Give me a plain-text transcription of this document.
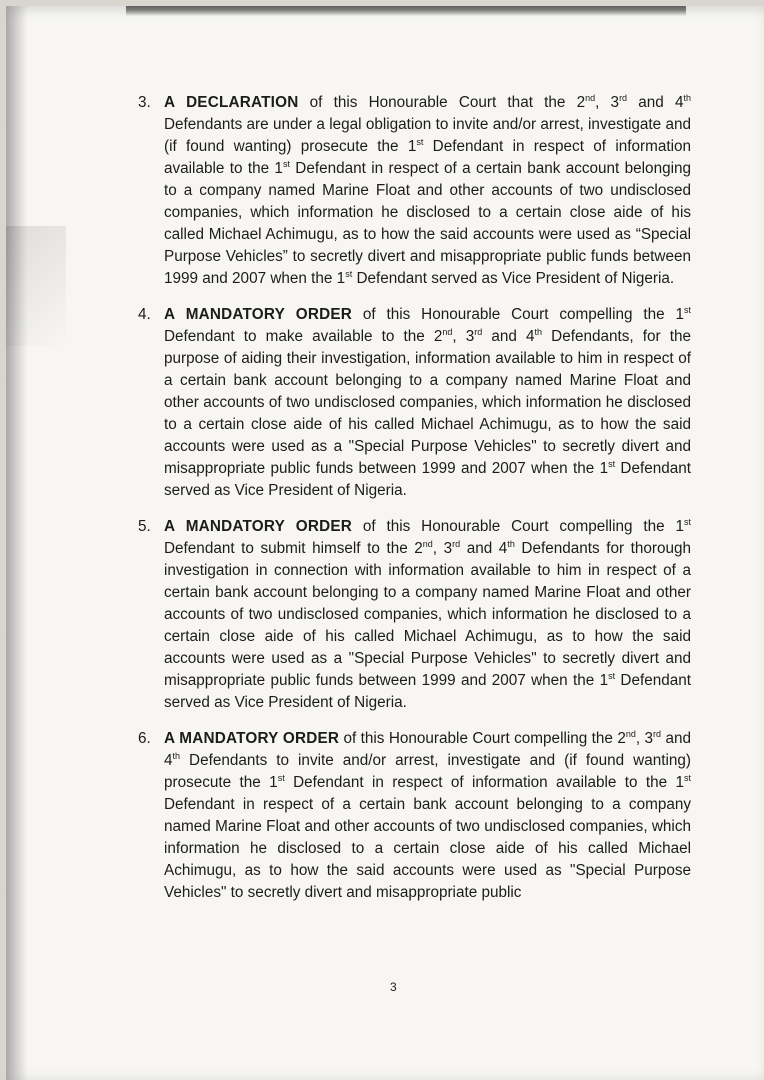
3. A DECLARATION of this Honourable Court that the 2nd, 3rd and 4th Defendants are under a legal obligation to invite and/or arrest, investigate and (if found wanting) prosecute the 1st Defendant in respect of information available to the 1st Defendant in respect of a certain bank account belonging to a company named Marine Float and other accounts of two undisclosed companies, which information he disclosed to a certain close aide of his called Michael Achimugu, as to how the said accounts were used as “Special Purpose Vehicles” to secretly divert and misappropriate public funds between 1999 and 2007 when the 1st Defendant served as Vice President of Nigeria.
4. A MANDATORY ORDER of this Honourable Court compelling the 1st Defendant to make available to the 2nd, 3rd and 4th Defendants, for the purpose of aiding their investigation, information available to him in respect of a certain bank account belonging to a company named Marine Float and other accounts of two undisclosed companies, which information he disclosed to a certain close aide of his called Michael Achimugu, as to how the said accounts were used as a "Special Purpose Vehicles" to secretly divert and misappropriate public funds between 1999 and 2007 when the 1st Defendant served as Vice President of Nigeria.
5. A MANDATORY ORDER of this Honourable Court compelling the 1st Defendant to submit himself to the 2nd, 3rd and 4th Defendants for thorough investigation in connection with information available to him in respect of a certain bank account belonging to a company named Marine Float and other accounts of two undisclosed companies, which information he disclosed to a certain close aide of his called Michael Achimugu, as to how the said accounts were used as a "Special Purpose Vehicles" to secretly divert and misappropriate public funds between 1999 and 2007 when the 1st Defendant served as Vice President of Nigeria.
6. A MANDATORY ORDER of this Honourable Court compelling the 2nd, 3rd and 4th Defendants to invite and/or arrest, investigate and (if found wanting) prosecute the 1st Defendant in respect of information available to the 1st Defendant in respect of a certain bank account belonging to a company named Marine Float and other accounts of two undisclosed companies, which information he disclosed to a certain close aide of his called Michael Achimugu, as to how the said accounts were used as "Special Purpose Vehicles" to secretly divert and misappropriate public
3
